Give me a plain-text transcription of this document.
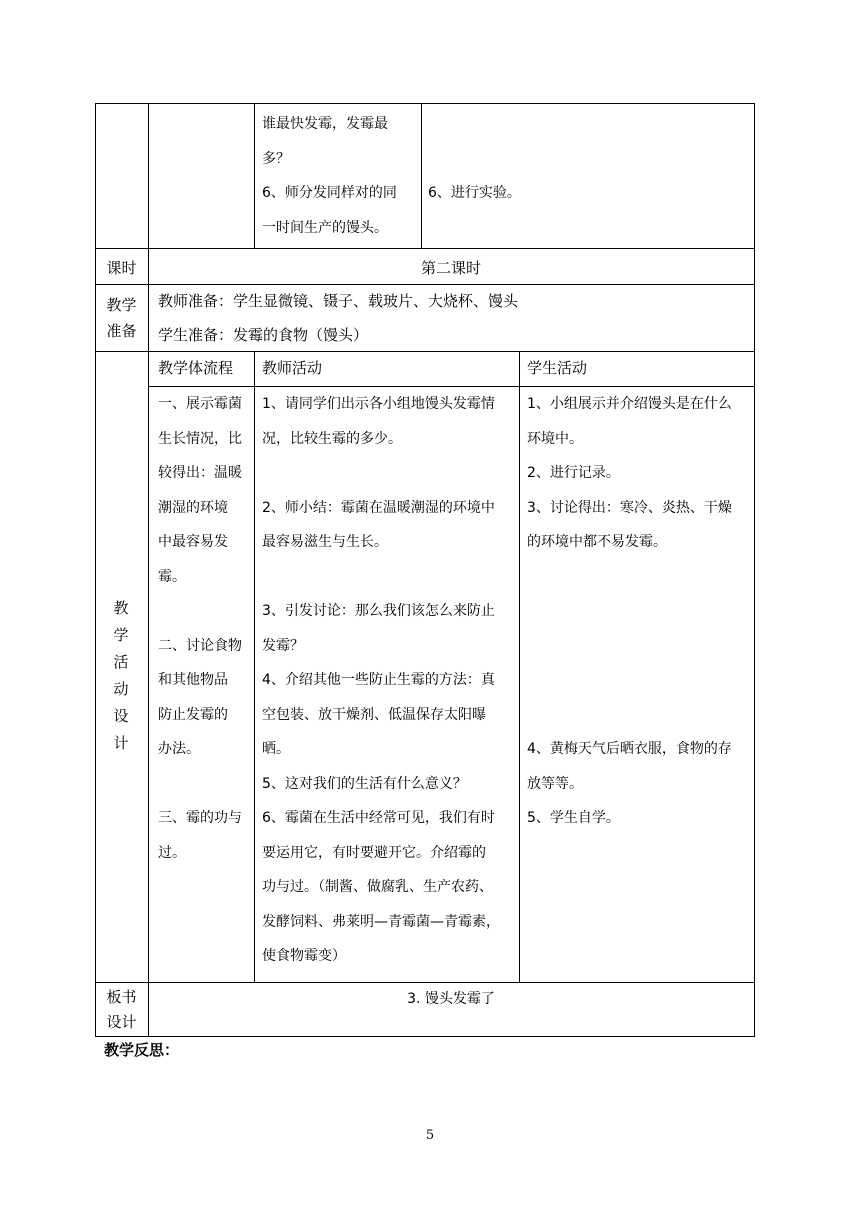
谁最快发霉，发霉最
多？
6、师分发同样对的同
一时间生产的馒头。
6、进行实验。
课时	第二课时
教学
准备
教师准备：学生显微镜、镊子、载玻片、大烧杯、馒头
学生准备：发霉的食物（馒头）
教
学
活
动
设
计
教学体流程 教师活动	学生活动
一、展示霉菌
生长情况，比
较得出：温暖
潮湿的环境
中最容易发
霉。
二、讨论食物
和其他物品
防止发霉的
办法。
三、霉的功与
过。
1、请同学们出示各小组地馒头发霉情
况，比较生霉的多少。
2、师小结：霉菌在温暖潮湿的环境中
最容易滋生与生长。
3、引发讨论：那么我们该怎么来防止
发霉？
4、介绍其他一些防止生霉的方法：真
空包装、放干燥剂、低温保存太阳曝
晒。
5、这对我们的生活有什么意义？
6、霉菌在生活中经常可见，我们有时
要运用它，有时要避开它。介绍霉的
功与过。（制酱、做腐乳、生产农药、
发酵饲料、弗莱明—青霉菌—青霉素，
使食物霉变）
1、小组展示并介绍馒头是在什么
环境中。
2、进行记录。
3、讨论得出：寒冷、炎热、干燥
的环境中都不易发霉。
4、黄梅天气后晒衣服，食物的存
放等等。
5、学生自学。
板书
设计
3. 馒头发霉了
教学反思：
5
